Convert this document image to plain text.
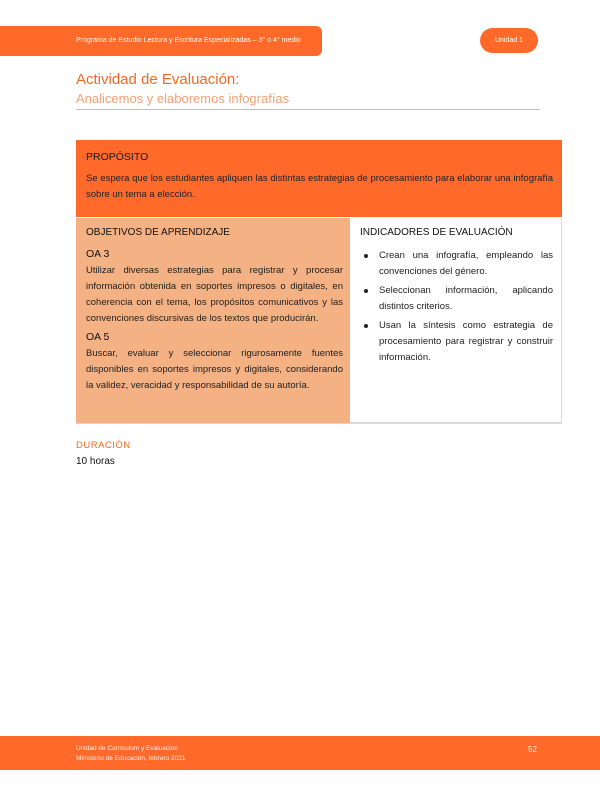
Programa de Estudio Lectura y Escritura Especializadas – 3° o 4° medio	Unidad 1
Actividad de Evaluación:
Analicemos y elaboremos infografías
PROPÓSITO
Se espera que los estudiantes apliquen las distintas estrategias de procesamiento para elaborar una infografía sobre un tema a elección.
OBJETIVOS DE APRENDIZAJE	INDICADORES DE EVALUACIÓN
OA 3
Utilizar diversas estrategias para registrar y procesar información obtenida en soportes impresos o digitales, en coherencia con el tema, los propósitos comunicativos y las convenciones discursivas de los textos que producirán.
OA 5
Buscar, evaluar y seleccionar rigurosamente fuentes disponibles en soportes impresos y digitales, considerando la validez, veracidad y responsabilidad de su autoría.
Crean una infografía, empleando las convenciones del género.
Seleccionan información, aplicando distintos criterios.
Usan la síntesis como estrategia de procesamiento para registrar y construir información.
DURACIÓN
10 horas
Unidad de Currículum y Evaluación
Ministerio de Educación, febrero 2021
52
